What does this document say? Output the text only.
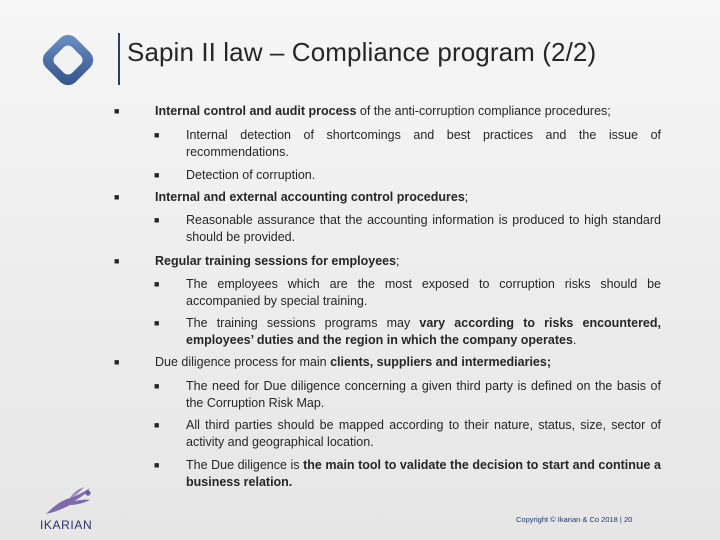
Sapin II law – Compliance program (2/2)
■	Internal control and audit process of the anti-corruption compliance procedures;
■ Internal detection of shortcomings and best practices and the issue of recommendations.
■ Detection of corruption.
■	Internal and external accounting control procedures;
■ Reasonable assurance that the accounting information is produced to high standard should be provided.
■	Regular training sessions for employees;
■ The employees which are the most exposed to corruption risks should be accompanied by special training.
■ The training sessions programs may vary according to risks encountered, employees’ duties and the region in which the company operates.
■	Due diligence process for main clients, suppliers and intermediaries;
■ The need for Due diligence concerning a given third party is defined on the basis of the Corruption Risk Map.
■ All third parties should be mapped according to their nature, status, size, sector of activity and geographical location.
■ The Due diligence is the main tool to validate the decision to start and continue a business relation.
Copyright © Ikarian & Co 2018 | 20
IKARIAN
